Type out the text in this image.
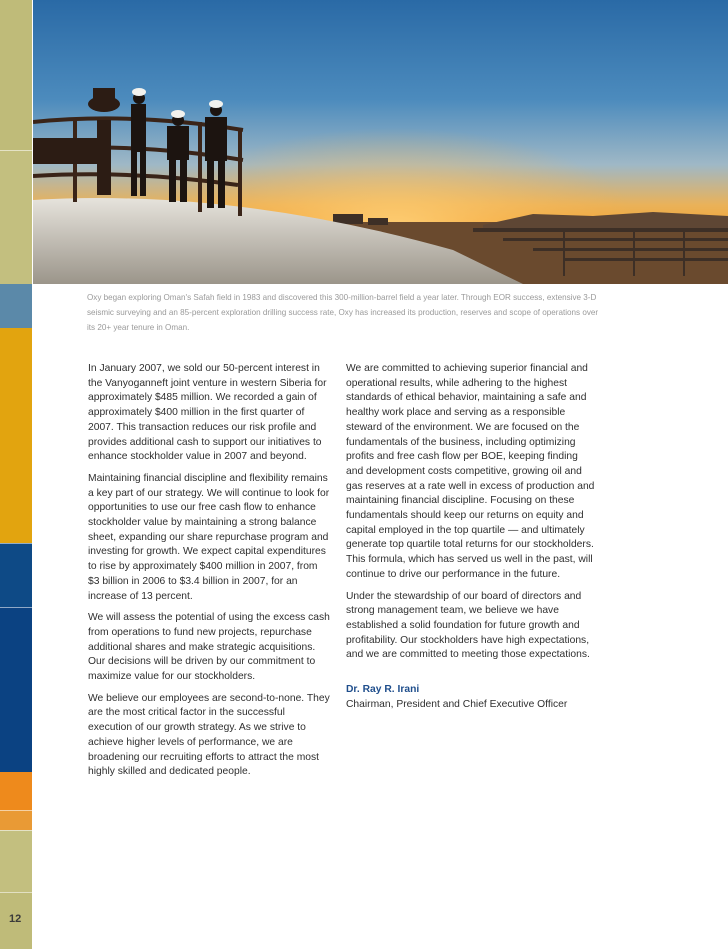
12
Oxy began exploring Oman's Safah field in 1983 and discovered this 300-million-barrel field a year later. Through EOR success, extensive 3-D seismic surveying and an 85-percent exploration drilling success rate, Oxy has increased its production, reserves and scope of operations over its 20+ year tenure in Oman.

In January 2007, we sold our 50-percent interest in the Vanyoganneft joint venture in western Siberia for approximately $485 million. We recorded a gain of approximately $400 million in the first quarter of 2007. This transaction reduces our risk profile and provides additional cash to support our initiatives to enhance stockholder value in 2007 and beyond.

Maintaining financial discipline and flexibility remains a key part of our strategy. We will continue to look for opportunities to use our free cash flow to enhance stockholder value by maintaining a strong balance sheet, expanding our share repurchase program and investing for growth. We expect capital expenditures to rise by approximately $400 million in 2007, from $3 billion in 2006 to $3.4 billion in 2007, for an increase of 13 percent.

We will assess the potential of using the excess cash from operations to fund new projects, repurchase additional shares and make strategic acquisitions. Our decisions will be driven by our commitment to maximize value for our stockholders.

We believe our employees are second-to-none. They are the most critical factor in the successful execution of our growth strategy. As we strive to achieve higher levels of performance, we are broadening our recruiting efforts to attract the most highly skilled and dedicated people.

We are committed to achieving superior financial and operational results, while adhering to the highest standards of ethical behavior, maintaining a safe and healthy work place and serving as a responsible steward of the environment. We are focused on the fundamentals of the business, including optimizing profits and free cash flow per BOE, keeping finding and development costs competitive, growing oil and gas reserves at a rate well in excess of production and maintaining financial discipline. Focusing on these fundamentals should keep our returns on equity and capital employed in the top quartile — and ultimately generate top quartile total returns for our stockholders. This formula, which has served us well in the past, will continue to drive our performance in the future.

Under the stewardship of our board of directors and strong management team, we believe we have established a solid foundation for future growth and profitability. Our stockholders have high expectations, and we are committed to meeting those expectations.

Dr. Ray R. Irani
Chairman, President and Chief Executive Officer
